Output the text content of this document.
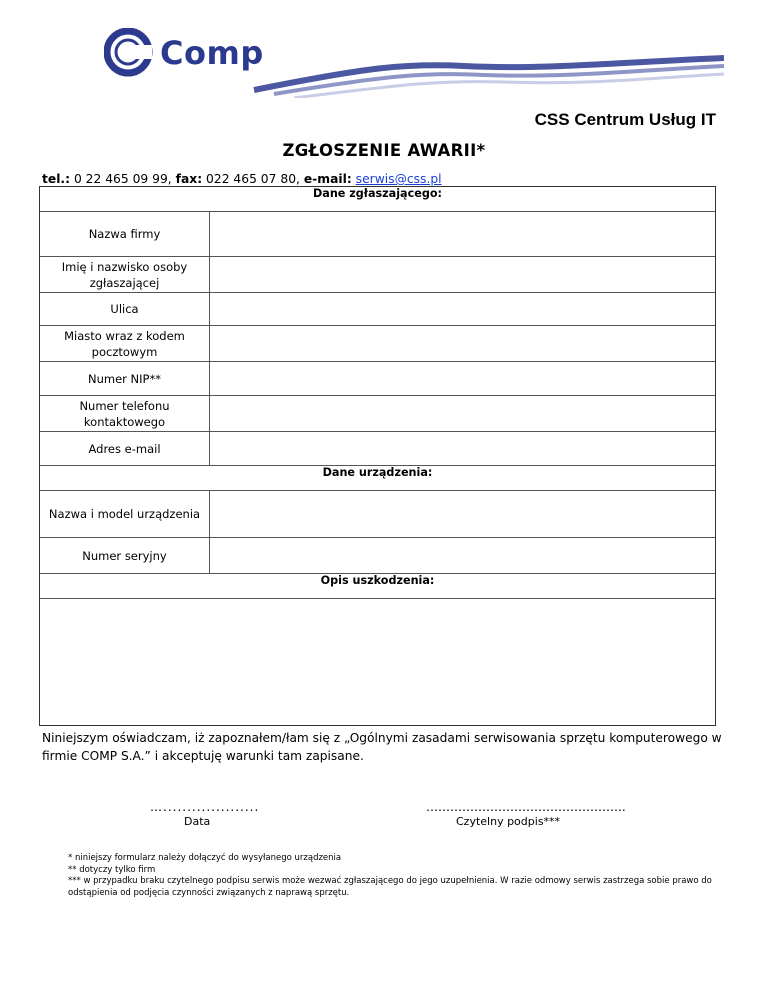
Comp
CSS Centrum Usług IT
ZGŁOSZENIE AWARII*
tel.: 0 22 465 09 99, fax: 022 465 07 80, e-mail: serwis@css.pl
Dane zgłaszającego:
Nazwa firmy
Imię i nazwisko osoby zgłaszającej
Ulica
Miasto wraz z kodem pocztowym
Numer NIP**
Numer telefonu kontaktowego
Adres e-mail
Dane urządzenia:
Nazwa i model urządzenia
Numer seryjny
Opis uszkodzenia:
Niniejszym oświadczam, iż zapoznałem/łam się z „Ogólnymi zasadami serwisowania sprzętu komputerowego w firmie COMP S.A.” i akceptuję warunki tam zapisane.
…....................
Data
…………………………………………..
Czytelny podpis***
* niniejszy formularz należy dołączyć do wysyłanego urządzenia
** dotyczy tylko firm
*** w przypadku braku czytelnego podpisu serwis może wezwać zgłaszającego do jego uzupełnienia. W razie odmowy serwis zastrzega sobie prawo do odstąpienia od podjęcia czynności związanych z naprawą sprzętu.
